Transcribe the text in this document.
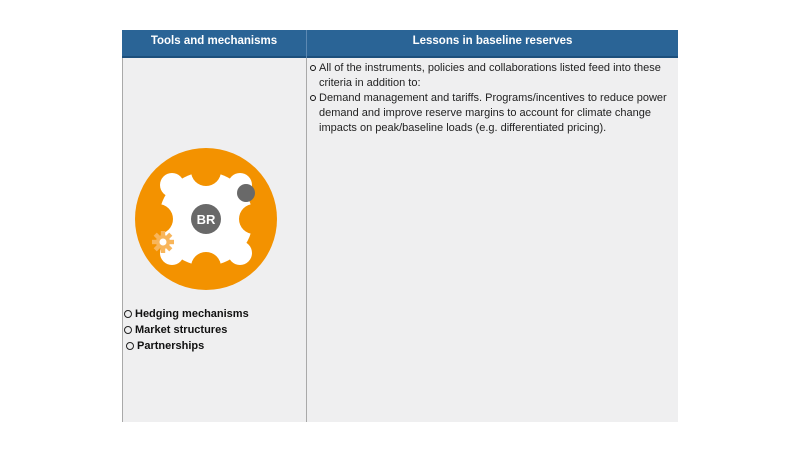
Tools and mechanisms	Lessons in baseline reserves
BR
Hedging mechanisms
Market structures
Partnerships
All of the instruments, policies and collaborations listed feed into these criteria in addition to:
Demand management and tariffs. Programs/incentives to reduce power demand and improve reserve margins to account for climate change impacts on peak/baseline loads (e.g. differentiated pricing).
